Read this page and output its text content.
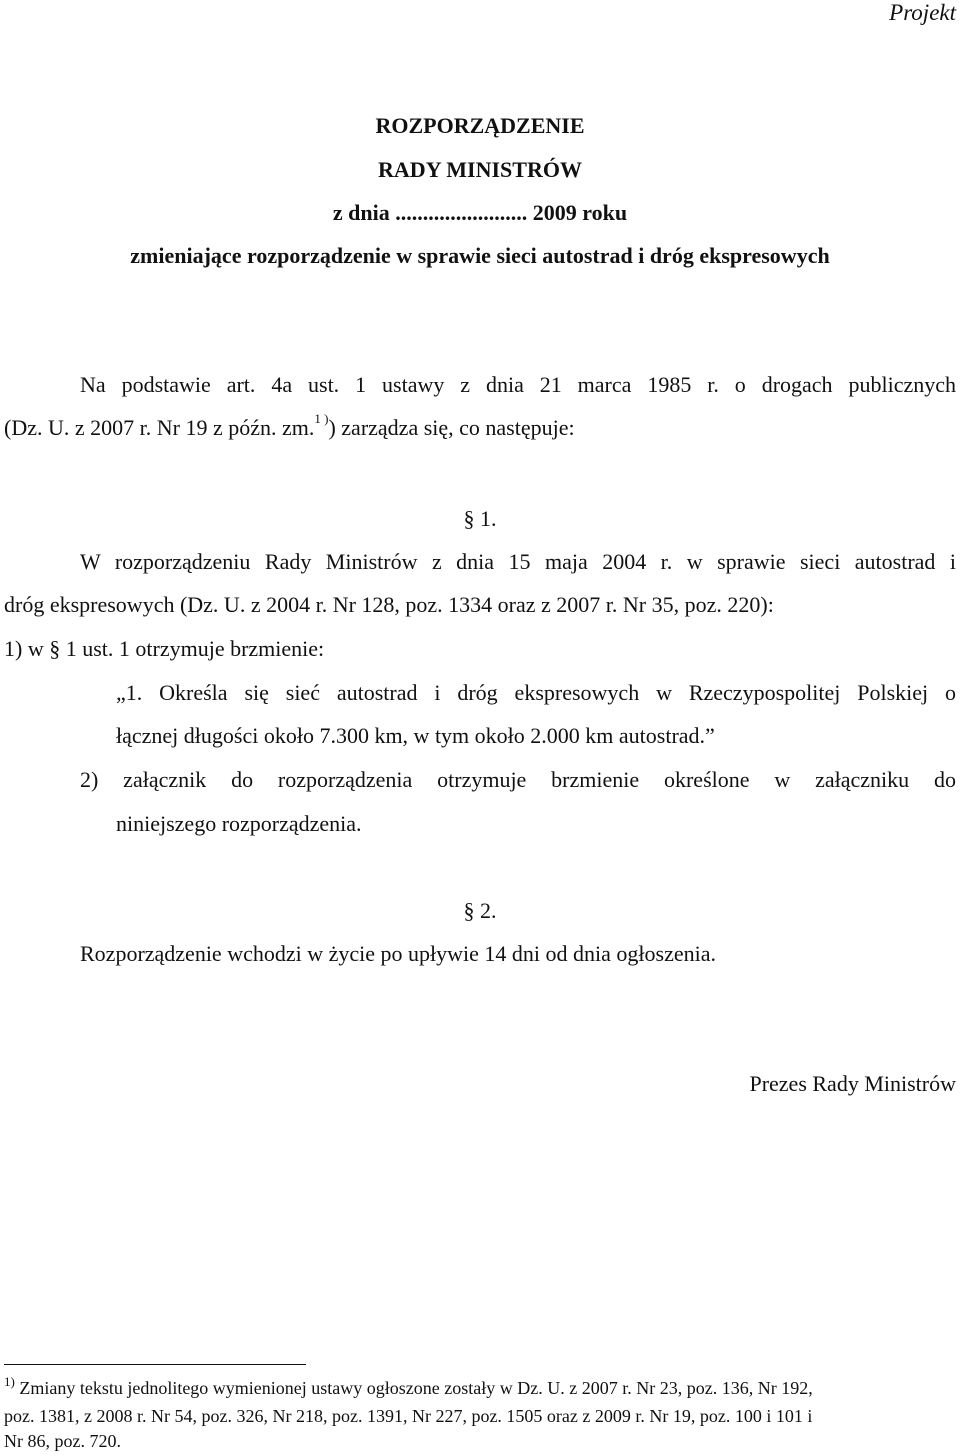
Projekt
ROZPORZĄDZENIE
RADY MINISTRÓW
z dnia ........................ 2009 roku
zmieniające rozporządzenie w sprawie sieci autostrad i dróg ekspresowych
Na podstawie art. 4a ust. 1 ustawy z dnia 21 marca 1985 r. o drogach publicznych
(Dz. U. z 2007 r. Nr 19 z późn. zm.$^{1 )}$) zarządza się, co następuje:
§ 1.
W rozporządzeniu Rady Ministrów z dnia 15 maja 2004 r. w sprawie sieci autostrad i
dróg ekspresowych (Dz. U. z 2004 r. Nr 128, poz. 1334 oraz z 2007 r. Nr 35, poz. 220):
1) w § 1 ust. 1 otrzymuje brzmienie:
„1. Określa się sieć autostrad i dróg ekspresowych w Rzeczypospolitej Polskiej o
łącznej długości około 7.300 km, w tym około 2.000 km autostrad.”
2) załącznik do rozporządzenia otrzymuje brzmienie określone w załączniku do
niniejszego rozporządzenia.
§ 2.
Rozporządzenie wchodzi w życie po upływie 14 dni od dnia ogłoszenia.
Prezes Rady Ministrów
$^{1)}$ Zmiany tekstu jednolitego wymienionej ustawy ogłoszone zostały w Dz. U. z 2007 r. Nr 23, poz. 136, Nr 192,
poz. 1381, z 2008 r. Nr 54, poz. 326, Nr 218, poz. 1391, Nr 227, poz. 1505 oraz z 2009 r. Nr 19, poz. 100 i 101 i
Nr 86, poz. 720.
